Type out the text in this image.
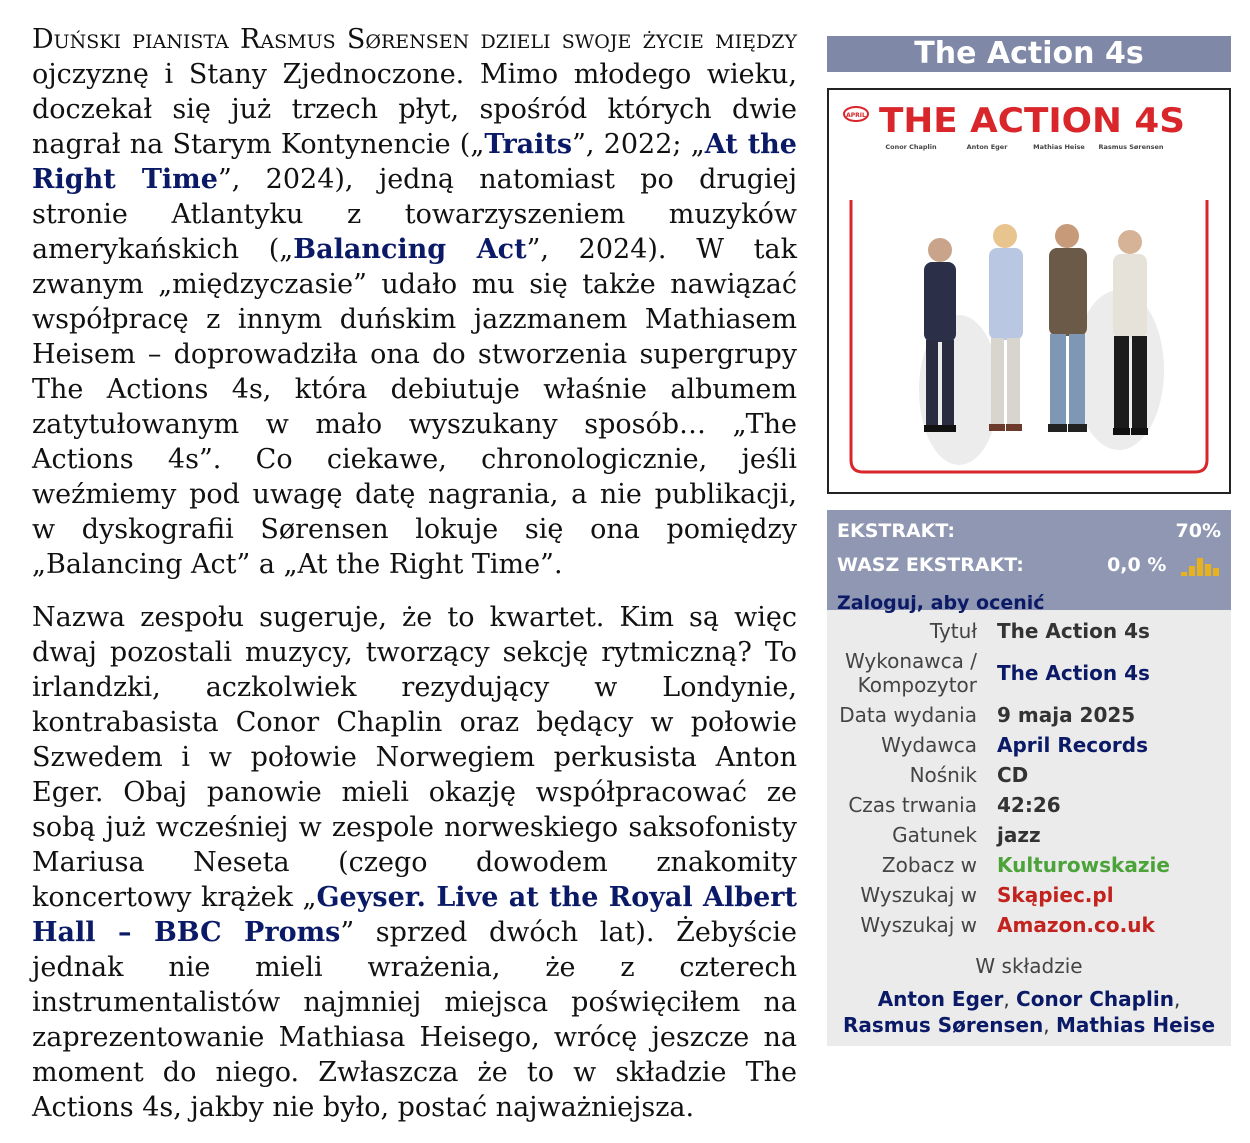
Duński pianista Rasmus Sørensen dzieli swoje życie między ojczyznę i Stany Zjednoczone. Mimo młodego wieku, doczekał się już trzech płyt, spośród których dwie nagrał na Starym Kontynencie („Traits”, 2022; „At the Right Time”, 2024), jedną natomiast po drugiej stronie Atlantyku z towarzyszeniem muzyków amerykańskich („Balancing Act”, 2024). W tak zwanym „międzyczasie” udało mu się także nawiązać współpracę z innym duńskim jazzmanem Mathiasem Heisem – doprowadziła ona do stworzenia supergrupy The Actions 4s, która debiutuje właśnie albumem zatytułowanym w mało wyszukany sposób… „The Actions 4s”. Co ciekawe, chronologicznie, jeśli weźmiemy pod uwagę datę nagrania, a nie publikacji, w dyskografii Sørensen lokuje się ona pomiędzy „Balancing Act” a „At the Right Time”.

Nazwa zespołu sugeruje, że to kwartet. Kim są więc dwaj pozostali muzycy, tworzący sekcję rytmiczną? To irlandzki, aczkolwiek rezydujący w Londynie, kontrabasista Conor Chaplin oraz będący w połowie Szwedem i w połowie Norwegiem perkusista Anton Eger. Obaj panowie mieli okazję współpracować ze sobą już wcześniej w zespole norweskiego saksofonisty Mariusa Neseta (czego dowodem znakomity koncertowy krążek „Geyser. Live at the Royal Albert Hall – BBC Proms” sprzed dwóch lat). Żebyście jednak nie mieli wrażenia, że z czterech instrumentalistów najmniej miejsca poświęciłem na zaprezentowanie Mathiasa Heisego, wrócę jeszcze na moment do niego. Zwłaszcza że to w składzie The Actions 4s, jakby nie było, postać najważniejsza.

The Action 4s
APRIL THE ACTION 4S
Conor Chaplin	Anton Eger	Mathias Heise Rasmus Sørensen
EKSTRAKT:	70%
WASZ EKSTRAKT:	0,0 %
Zaloguj, aby ocenić
Tytuł	The Action 4s
Wykonawca / Kompozytor	The Action 4s
Data wydania	9 maja 2025
Wydawca	April Records
Nośnik	CD
Czas trwania	42:26
Gatunek	jazz
Zobacz w	Kulturowskazie
Wyszukaj w	Skąpiec.pl
Wyszukaj w	Amazon.co.uk
W składzie
Anton Eger, Conor Chaplin, Rasmus Sørensen, Mathias Heise
